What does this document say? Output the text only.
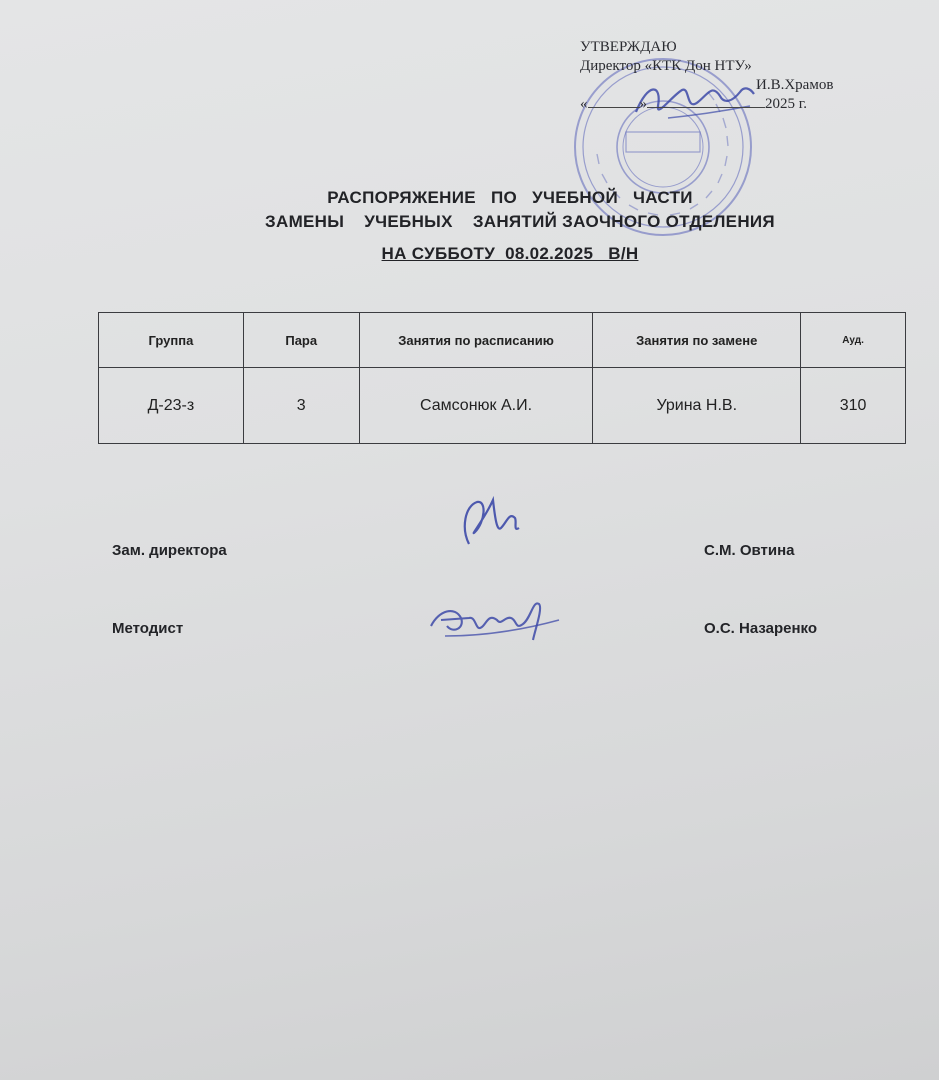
УТВЕРЖДАЮ
Директор «КТК Дон НТУ»
И.В.Храмов
«	»	2025 г.
РАСПОРЯЖЕНИЕ   ПО   УЧЕБНОЙ   ЧАСТИ
ЗАМЕНЫ    УЧЕБНЫХ    ЗАНЯТИЙ ЗАОЧНОГО ОТДЕЛЕНИЯ
НА СУББОТУ  08.02.2025   В/Н
Группа	Пара	Занятия по расписанию	Занятия по замене	Ауд.
Д-23-з	3	Самсонюк А.И.	Урина Н.В.	310
Зам. директора	С.М. Овтина
Методист	О.С. Назаренко
